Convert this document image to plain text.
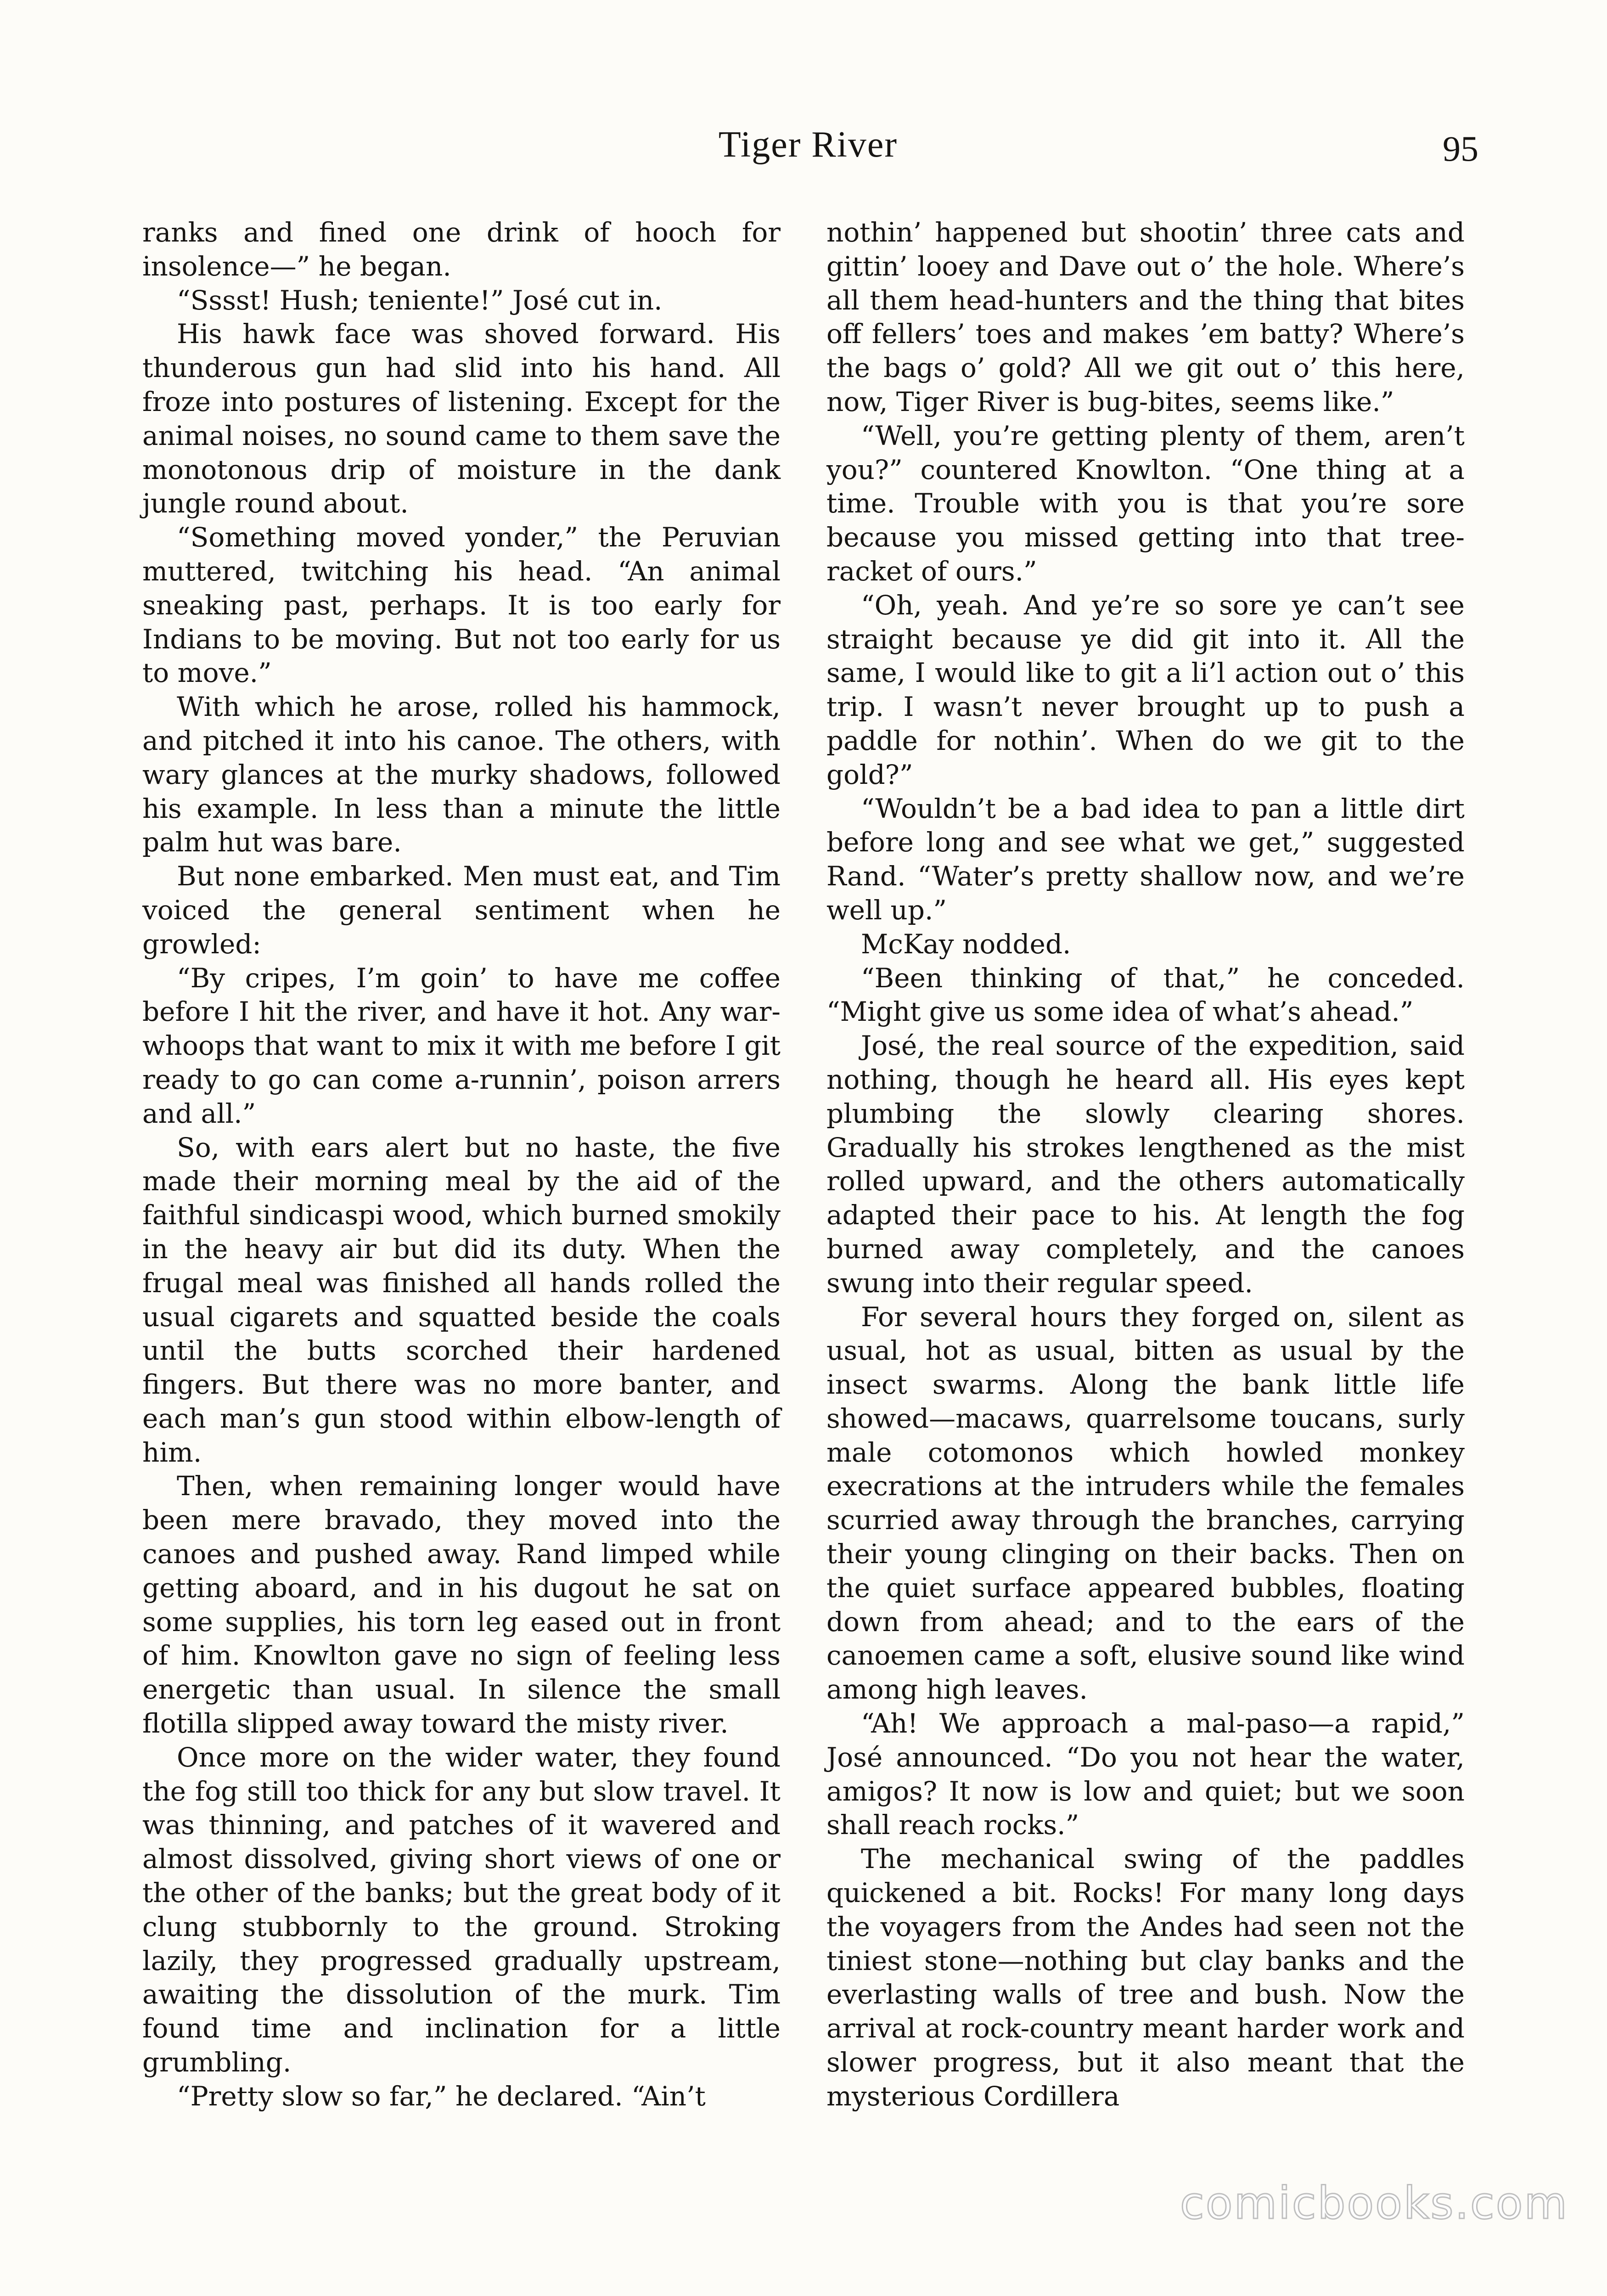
Tiger River	95

ranks and fined one drink of hooch for insolence—” he began.

“Sssst! Hush; teniente!” José cut in.

His hawk face was shoved forward. His thunderous gun had slid into his hand. All froze into postures of listening. Except for the animal noises, no sound came to them save the monotonous drip of moisture in the dank jungle round about.

“Something moved yonder,” the Peruvian muttered, twitching his head. “An animal sneaking past, perhaps. It is too early for Indians to be moving. But not too early for us to move.”

With which he arose, rolled his hammock, and pitched it into his canoe. The others, with wary glances at the murky shadows, followed his example. In less than a minute the little palm hut was bare.

But none embarked. Men must eat, and Tim voiced the general sentiment when he growled:

“By cripes, I’m goin’ to have me coffee before I hit the river, and have it hot. Any war-whoops that want to mix it with me before I git ready to go can come a-runnin’, poison arrers and all.”

So, with ears alert but no haste, the five made their morning meal by the aid of the faithful sindicaspi wood, which burned smokily in the heavy air but did its duty. When the frugal meal was finished all hands rolled the usual cigarets and squatted beside the coals until the butts scorched their hardened fingers. But there was no more banter, and each man’s gun stood within elbow-length of him.

Then, when remaining longer would have been mere bravado, they moved into the canoes and pushed away. Rand limped while getting aboard, and in his dugout he sat on some supplies, his torn leg eased out in front of him. Knowlton gave no sign of feeling less energetic than usual. In silence the small flotilla slipped away toward the misty river.

Once more on the wider water, they found the fog still too thick for any but slow travel. It was thinning, and patches of it wavered and almost dissolved, giving short views of one or the other of the banks; but the great body of it clung stubbornly to the ground. Stroking lazily, they progressed gradually upstream, awaiting the dissolution of the murk. Tim found time and inclination for a little grumbling.

“Pretty slow so far,” he declared. “Ain’t

nothin’ happened but shootin’ three cats and gittin’ looey and Dave out o’ the hole. Where’s all them head-hunters and the thing that bites off fellers’ toes and makes ’em batty? Where’s the bags o’ gold? All we git out o’ this here, now, Tiger River is bug-bites, seems like.”

“Well, you’re getting plenty of them, aren’t you?” countered Knowlton. “One thing at a time. Trouble with you is that you’re sore because you missed getting into that tree-racket of ours.”

“Oh, yeah. And ye’re so sore ye can’t see straight because ye did git into it. All the same, I would like to git a li’l action out o’ this trip. I wasn’t never brought up to push a paddle for nothin’. When do we git to the gold?”

“Wouldn’t be a bad idea to pan a little dirt before long and see what we get,” suggested Rand. “Water’s pretty shallow now, and we’re well up.”

McKay nodded.

“Been thinking of that,” he conceded. “Might give us some idea of what’s ahead.”

José, the real source of the expedition, said nothing, though he heard all. His eyes kept plumbing the slowly clearing shores. Gradually his strokes lengthened as the mist rolled upward, and the others automatically adapted their pace to his. At length the fog burned away completely, and the canoes swung into their regular speed.

For several hours they forged on, silent as usual, hot as usual, bitten as usual by the insect swarms. Along the bank little life showed—macaws, quarrelsome toucans, surly male cotomonos which howled monkey execrations at the intruders while the females scurried away through the branches, carrying their young clinging on their backs. Then on the quiet surface appeared bubbles, floating down from ahead; and to the ears of the canoemen came a soft, elusive sound like wind among high leaves.

“Ah! We approach a mal-paso—a rapid,” José announced. “Do you not hear the water, amigos? It now is low and quiet; but we soon shall reach rocks.”

The mechanical swing of the paddles quickened a bit. Rocks! For many long days the voyagers from the Andes had seen not the tiniest stone—nothing but clay banks and the everlasting walls of tree and bush. Now the arrival at rock-country meant harder work and slower progress, but it also meant that the mysterious Cordillera

comicbooks.com
